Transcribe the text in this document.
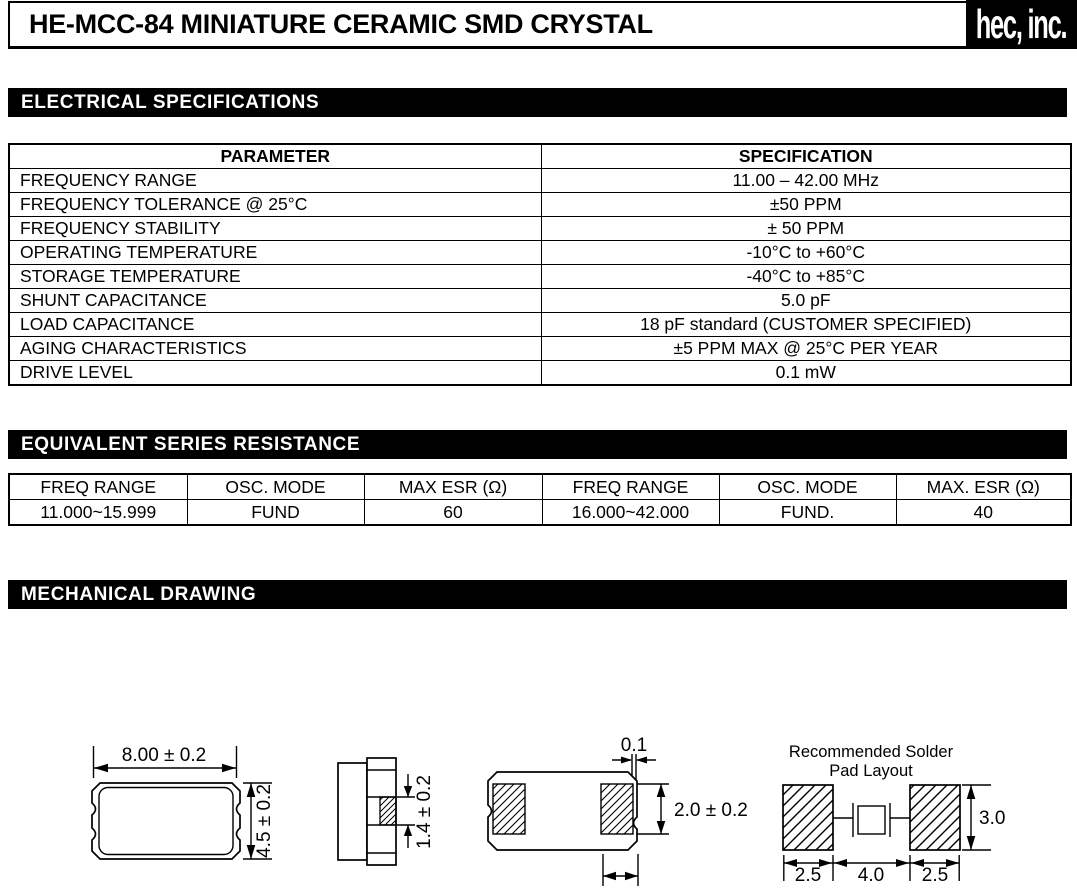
HE-MCC-84 MINIATURE CERAMIC SMD CRYSTAL	hec, inc.
ELECTRICAL SPECIFICATIONS
EQUIVALENT SERIES RESISTANCE
MECHANICAL DRAWING
PARAMETER	SPECIFICATION
FREQUENCY RANGE	11.00 – 42.00 MHz
FREQUENCY TOLERANCE @ 25°C	±50 PPM
FREQUENCY STABILITY	± 50 PPM
OPERATING TEMPERATURE	-10°C to +60°C
STORAGE TEMPERATURE	-40°C to +85°C
SHUNT CAPACITANCE	5.0 pF
LOAD CAPACITANCE	18 pF standard (CUSTOMER SPECIFIED)
AGING CHARACTERISTICS	±5 PPM MAX @ 25°C PER YEAR
DRIVE LEVEL	0.1 mW
FREQ RANGE	OSC. MODE	MAX ESR (Ω)	FREQ RANGE	OSC. MODE	MAX. ESR (Ω)
11.000~15.999	FUND	60	16.000~42.000	FUND.	40
8.00 ± 0.2
4.5 ± 0.2	1.4 ± 0.2
0.1
2.0 ± 0.2
Recommended Solder
Pad Layout
3.0
2.5 4.0 2.5
